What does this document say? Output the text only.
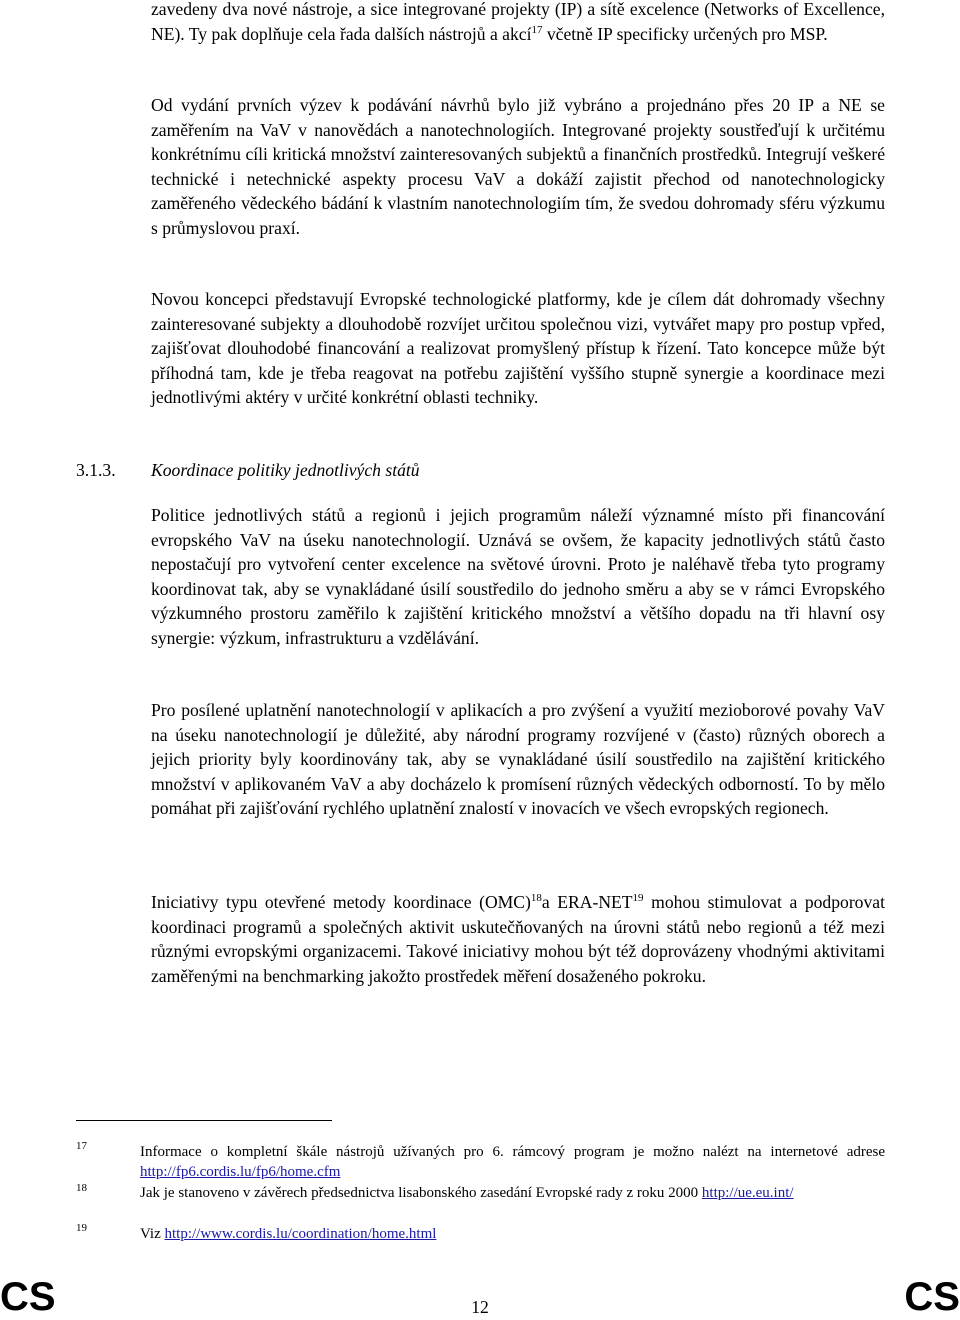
zavedeny dva nové nástroje, a sice integrované projekty (IP) a sítě excelence (Networks of Excellence, NE). Ty pak doplňuje cela řada dalších nástrojů a akcí$^{17}$ včetně IP specificky určených pro MSP.

Od vydání prvních výzev k podávání návrhů bylo již vybráno a projednáno přes 20 IP a NE se zaměřením na VaV v nanovědách a nanotechnologiích. Integrované projekty soustřeďují k určitému konkrétnímu cíli kritická množství zainteresovaných subjektů a finančních prostředků. Integrují veškeré technické i netechnické aspekty procesu VaV a dokáží zajistit přechod od nanotechnologicky zaměřeného vědeckého bádání k vlastním nanotechnologiím tím, že svedou dohromady sféru výzkumu s průmyslovou praxí.

Novou koncepci představují Evropské technologické platformy, kde je cílem dát dohromady všechny zainteresované subjekty a dlouhodobě rozvíjet určitou společnou vizi, vytvářet mapy pro postup vpřed, zajišťovat dlouhodobé financování a realizovat promyšlený přístup k řízení. Tato koncepce může být příhodná tam, kde je třeba reagovat na potřebu zajištění vyššího stupně synergie a koordinace mezi jednotlivými aktéry v určité konkrétní oblasti techniky.

3.1.3. Koordinace politiky jednotlivých států

Politice jednotlivých států a regionů i jejich programům náleží významné místo při financování evropského VaV na úseku nanotechnologií. Uznává se ovšem, že kapacity jednotlivých států často nepostačují pro vytvoření center excelence na světové úrovni. Proto je naléhavě třeba tyto programy koordinovat tak, aby se vynakládané úsilí soustředilo do jednoho směru a aby se v rámci Evropského výzkumného prostoru zaměřilo k zajištění kritického množství a většího dopadu na tři hlavní osy synergie: výzkum, infrastrukturu a vzdělávání.

Pro posílené uplatnění nanotechnologií v aplikacích a pro zvýšení a využití mezioborové povahy VaV na úseku nanotechnologií je důležité, aby národní programy rozvíjené v (často) různých oborech a jejich priority byly koordinovány tak, aby se vynakládané úsilí soustředilo na zajištění kritického množství v aplikovaném VaV a aby docházelo k promísení různých vědeckých odborností. To by mělo pomáhat při zajišťování rychlého uplatnění znalostí v inovacích ve všech evropských regionech.

Iniciativy typu otevřené metody koordinace (OMC)$^{18}$a ERA-NET$^{19}$ mohou stimulovat a podporovat koordinaci programů a společných aktivit uskutečňovaných na úrovni států nebo regionů a též mezi různými evropskými organizacemi. Takové iniciativy mohou být též doprovázeny vhodnými aktivitami zaměřenými na benchmarking jakožto prostředek měření dosaženého pokroku.

17	Informace o kompletní škále nástrojů užívaných pro 6. rámcový program je možno nalézt na internetové adrese http://fp6.cordis.lu/fp6/home.cfm

18	Jak je stanoveno v závěrech předsednictva lisabonského zasedání Evropské rady z roku 2000 http://ue.eu.int/

19	Viz http://www.cordis.lu/coordination/home.html

CS	12	CS
